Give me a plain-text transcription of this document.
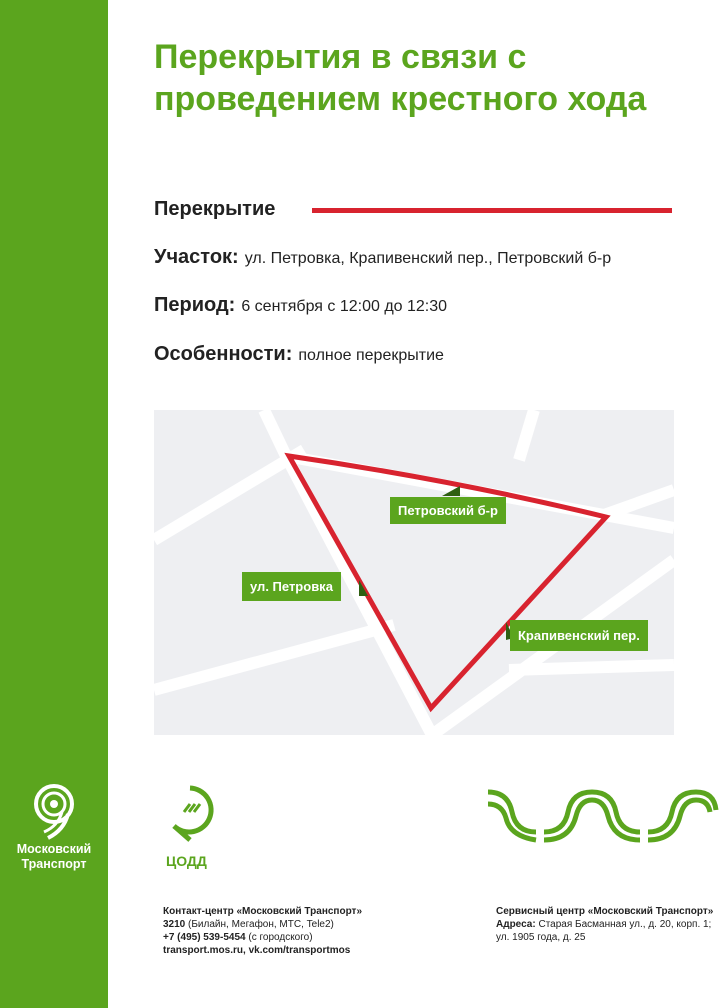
Московский
Транспорт
Перекрытия в связи с проведением крестного хода
Перекрытие
Участок: ул. Петровка, Крапивенский пер., Петровский б-р
Период: 6 сентября с 12:00 до 12:30
Особенности: полное перекрытие
Петровский б-р
ул. Петровка
Крапивенский пер.
ЦОДД
Контакт-центр «Московский Транспорт»
3210 (Билайн, Мегафон, МТС, Tele2)
+7 (495) 539-5454 (с городского)
transport.mos.ru, vk.com/transportmos
Сервисный центр «Московский Транспорт»
Адреса: Старая Басманная ул., д. 20, корп. 1;
ул. 1905 года, д. 25
